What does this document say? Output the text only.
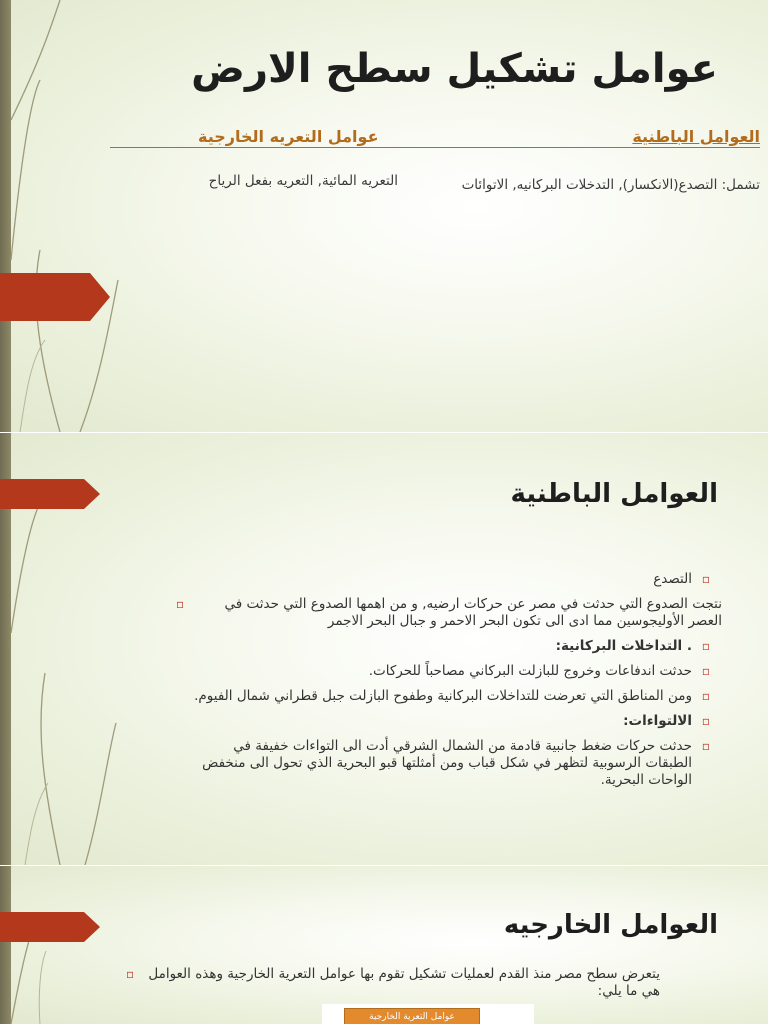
عوامل تشكيل سطح الارض
العوامل الباطنية
عوامل التعريه الخارجية
تشمل: التصدع(الانكسار), التدخلات البركانيه, الاتوائات
التعريه المائية, التعريه بفعل الرياح
العوامل الباطنية
▫
التصدع
▫	نتجت الصدوع التي حدثت في مصر عن حركات ارضيه, و من اهمها الصدوع التي حدثت في العصر الأوليجوسين مما ادى الى تكون البحر الاحمر و جبال البحر الاجمر
▫
. التداخلات البركانية:
▫
حدثت اندفاعات وخروج للبازلت البركاني مصاحباً للحركات.
▫
ومن المناطق التي تعرضت للتداخلات البركانية وطفوح البازلت جبل قطراني شمال الفيوم.
▫
الالتواءات:
▫
حدثت حركات ضغط جانبية قادمة من الشمال الشرقي أدت الى التواءات خفيفة في الطبقات الرسوبية لتظهر في شكل قباب ومن أمثلتها قبو البحرية الذي تحول الى منخفض الواحات البحرية.
العوامل الخارجيه
▫ يتعرض سطح مصر منذ القدم لعمليات تشكيل تقوم بها عوامل التعرية الخارجية وهذه العوامل هي ما يلي:
عوامل التعرية الخارجية
